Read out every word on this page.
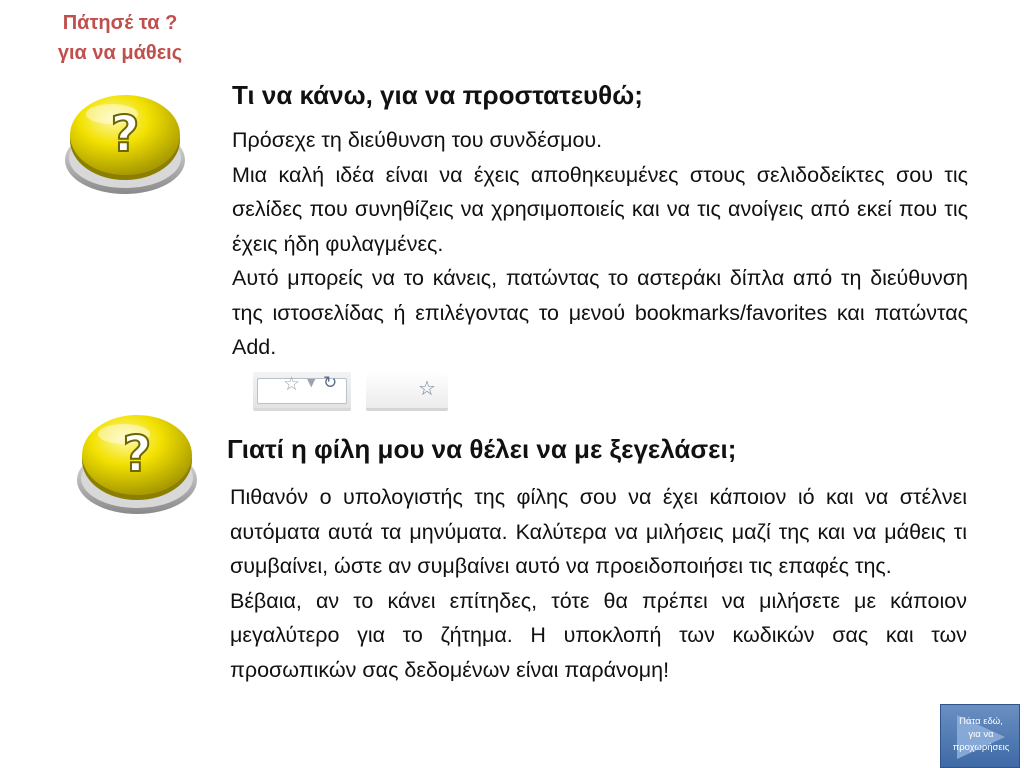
Πάτησέ τα ?
για να μάθεις
?
Τι να κάνω, για να προστατευθώ;

Πρόσεχε τη διεύθυνση του συνδέσμου.

Μια καλή ιδέα είναι να έχεις αποθηκευμένες στους σελιδοδείκτες σου τις σελίδες που συνηθίζεις να χρησιμοποιείς και να τις ανοίγεις από εκεί που τις έχεις ήδη φυλαγμένες.

Αυτό μπορείς να το κάνεις, πατώντας το αστεράκι δίπλα από τη διεύθυνση της ιστοσελίδας ή επιλέγοντας το μενού bookmarks/favorites και πατώντας Add.

☆ ▼ ↻	☆
?	Γιατί η φίλη μου να θέλει να με ξεγελάσει;

Πιθανόν ο υπολογιστής της φίλης σου να έχει κάποιον ιό και να στέλνει αυτόματα αυτά τα μηνύματα. Καλύτερα να μιλήσεις μαζί της και να μάθεις τι συμβαίνει, ώστε αν συμβαίνει αυτό να προειδοποιήσει τις επαφές της.

Βέβαια, αν το κάνει επίτηδες, τότε θα πρέπει να μιλήσετε με κάποιον μεγαλύτερο για το ζήτημα. Η υποκλοπή των κωδικών σας και των προσωπικών σας δεδομένων είναι παράνομη!

Πάτα εδώ,
για να
προχωρήσεις
